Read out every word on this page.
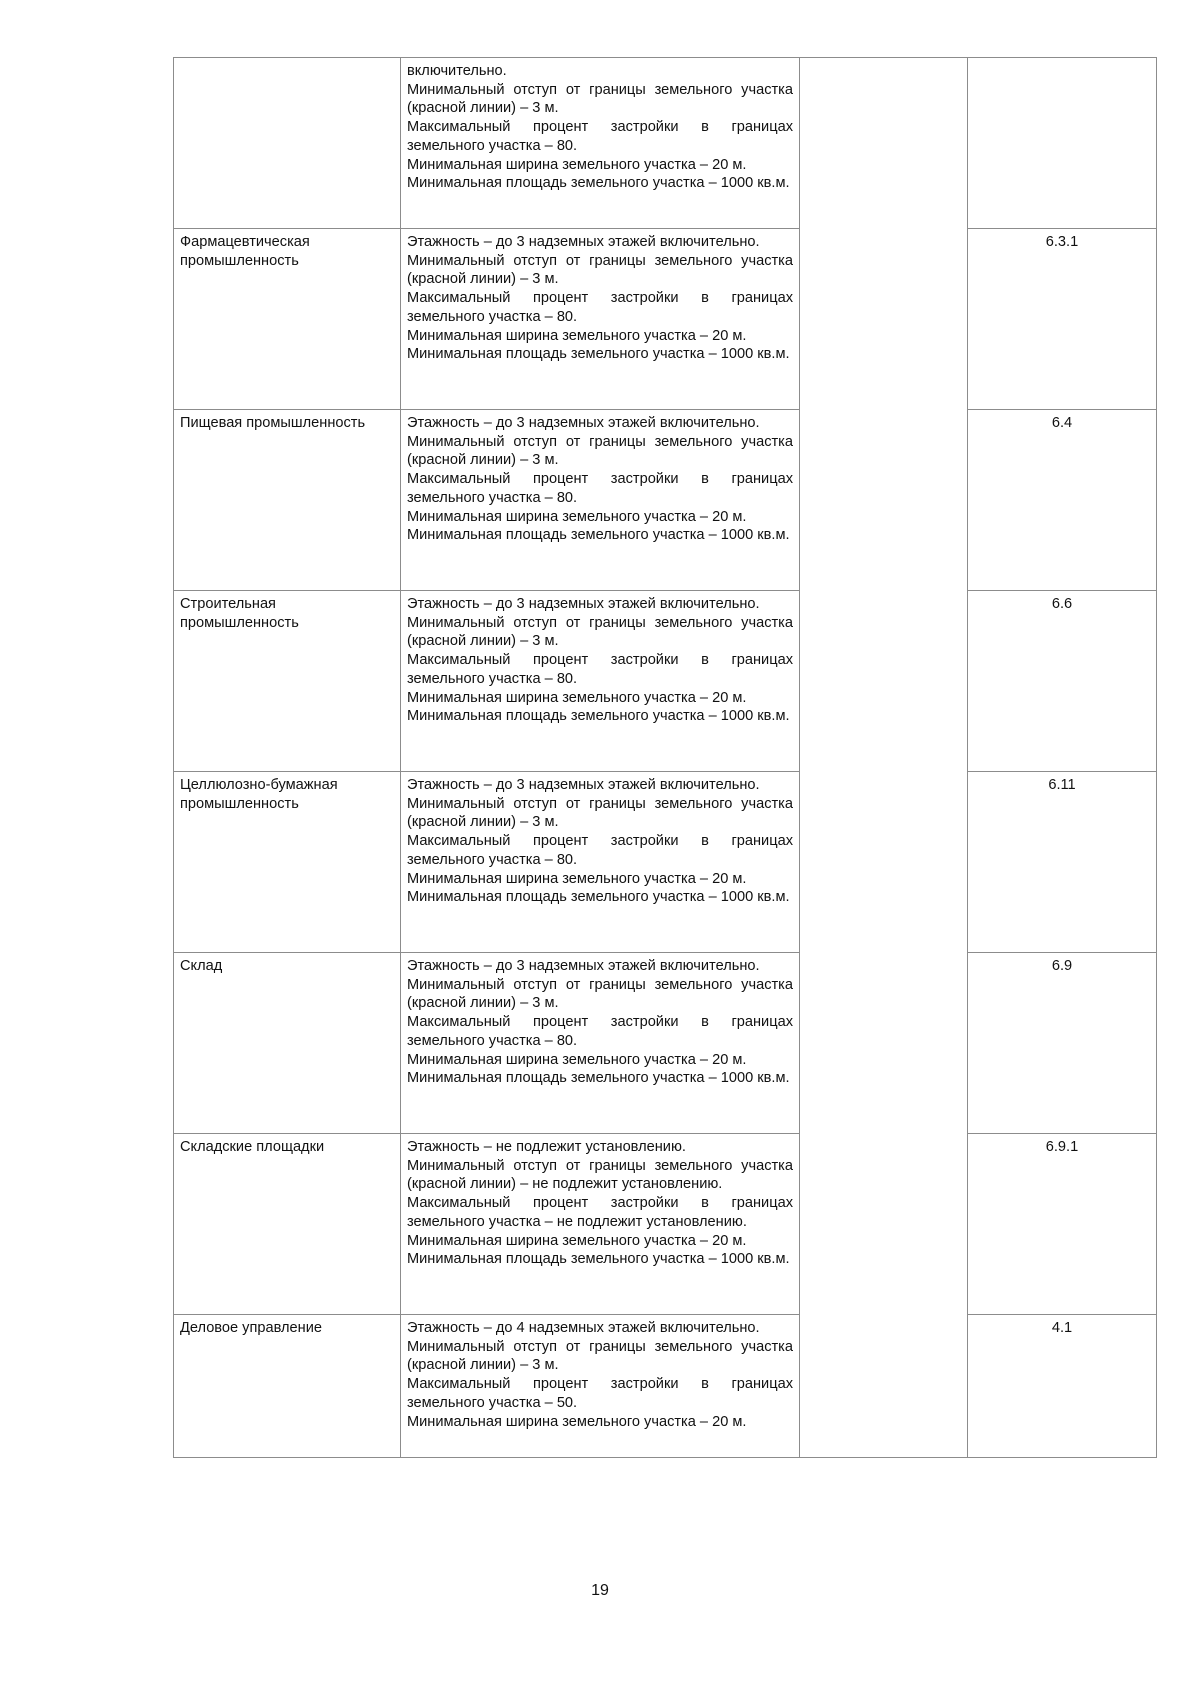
	включительно.
Минимальный отступ от границы земельного участка (красной линии) – 3 м.
Максимальный процент застройки в границах земельного участка – 80.
Минимальная ширина земельного участка – 20 м.
Минимальная площадь земельного участка – 1000 кв.м.		

Фармацевтическая промышленность	Этажность – до 3 надземных этажей включительно.
Минимальный отступ от границы земельного участка (красной линии) – 3 м.
Максимальный процент застройки в границах земельного участка – 80.
Минимальная ширина земельного участка – 20 м.
Минимальная площадь земельного участка – 1000 кв.м.		6.3.1
Пищевая промышленность	Этажность – до 3 надземных этажей включительно.
Минимальный отступ от границы земельного участка (красной линии) – 3 м.
Максимальный процент застройки в границах земельного участка – 80.
Минимальная ширина земельного участка – 20 м.
Минимальная площадь земельного участка – 1000 кв.м.		6.4
Строительная промышленность	Этажность – до 3 надземных этажей включительно.
Минимальный отступ от границы земельного участка (красной линии) – 3 м.
Максимальный процент застройки в границах земельного участка – 80.
Минимальная ширина земельного участка – 20 м.
Минимальная площадь земельного участка – 1000 кв.м.		6.6
Целлюлозно-бумажная промышленность	Этажность – до 3 надземных этажей включительно.
Минимальный отступ от границы земельного участка (красной линии) – 3 м.
Максимальный процент застройки в границах земельного участка – 80.
Минимальная ширина земельного участка – 20 м.
Минимальная площадь земельного участка – 1000 кв.м.		6.11
Склад	Этажность – до 3 надземных этажей включительно.
Минимальный отступ от границы земельного участка (красной линии) – 3 м.
Максимальный процент застройки в границах земельного участка – 80.
Минимальная ширина земельного участка – 20 м.
Минимальная площадь земельного участка – 1000 кв.м.		6.9
Складские площадки	Этажность – не подлежит установлению.
Минимальный отступ от границы земельного участка (красной линии) – не подлежит установлению.
Максимальный процент застройки в границах земельного участка – не подлежит установлению.
Минимальная ширина земельного участка – 20 м.
Минимальная площадь земельного участка – 1000 кв.м.		6.9.1
Деловое управление	Этажность – до 4 надземных этажей включительно.
Минимальный отступ от границы земельного участка (красной линии) – 3 м.
Максимальный процент застройки в границах земельного участка – 50.
Минимальная ширина земельного участка – 20 м.		4.1
19
